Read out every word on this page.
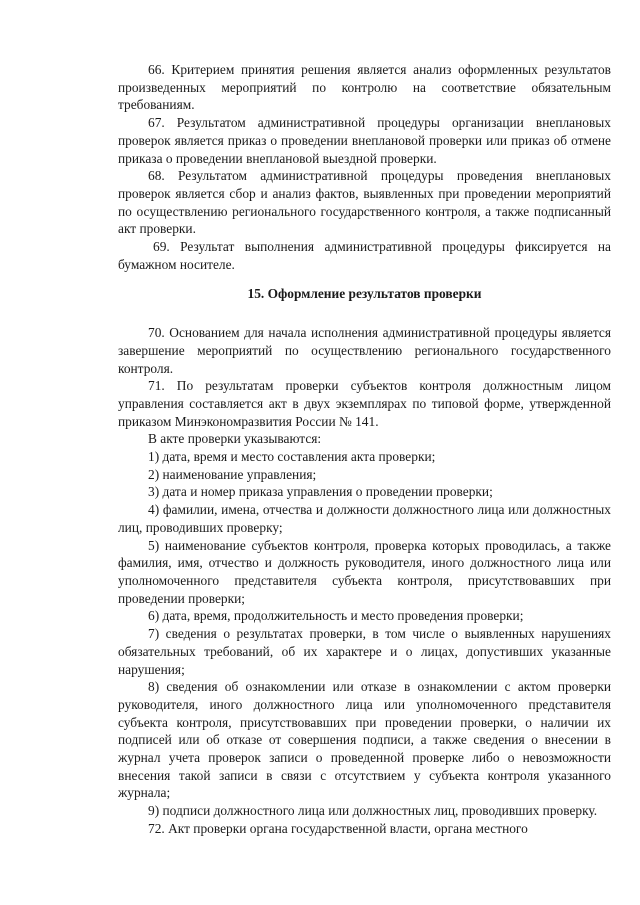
66. Критерием принятия решения является анализ оформленных результатов произведенных мероприятий по контролю на соответствие обязательным требованиям.

67. Результатом административной процедуры организации внеплановых проверок является приказ о проведении внеплановой проверки или приказ об отмене приказа о проведении внеплановой выездной проверки.

68. Результатом административной процедуры проведения внеплановых проверок является сбор и анализ фактов, выявленных при проведении мероприятий по осуществлению регионального государственного контроля, а также подписанный акт проверки.

69. Результат выполнения административной процедуры фиксируется на бумажном носителе.

15. Оформление результатов проверки

70. Основанием для начала исполнения административной процедуры является завершение мероприятий по осуществлению регионального государственного контроля.

71. По результатам проверки субъектов контроля должностным лицом управления составляется акт в двух экземплярах по типовой форме, утвержденной приказом Минэкономразвития России № 141.

В акте проверки указываются:

1) дата, время и место составления акта проверки;

2) наименование управления;

3) дата и номер приказа управления о проведении проверки;

4) фамилии, имена, отчества и должности должностного лица или должностных лиц, проводивших проверку;

5) наименование субъектов контроля, проверка которых проводилась, а также фамилия, имя, отчество и должность руководителя, иного должностного лица или уполномоченного представителя субъекта контроля, присутствовавших при проведении проверки;

6) дата, время, продолжительность и место проведения проверки;

7) сведения о результатах проверки, в том числе о выявленных нарушениях обязательных требований, об их характере и о лицах, допустивших указанные нарушения;

8) сведения об ознакомлении или отказе в ознакомлении с актом проверки руководителя, иного должностного лица или уполномоченного представителя субъекта контроля, присутствовавших при проведении проверки, о наличии их подписей или об отказе от совершения подписи, а также сведения о внесении в журнал учета проверок записи о проведенной проверке либо о невозможности внесения такой записи в связи с отсутствием у субъекта контроля указанного журнала;

9) подписи должностного лица или должностных лиц, проводивших проверку.

72. Акт проверки органа государственной власти, органа местного
